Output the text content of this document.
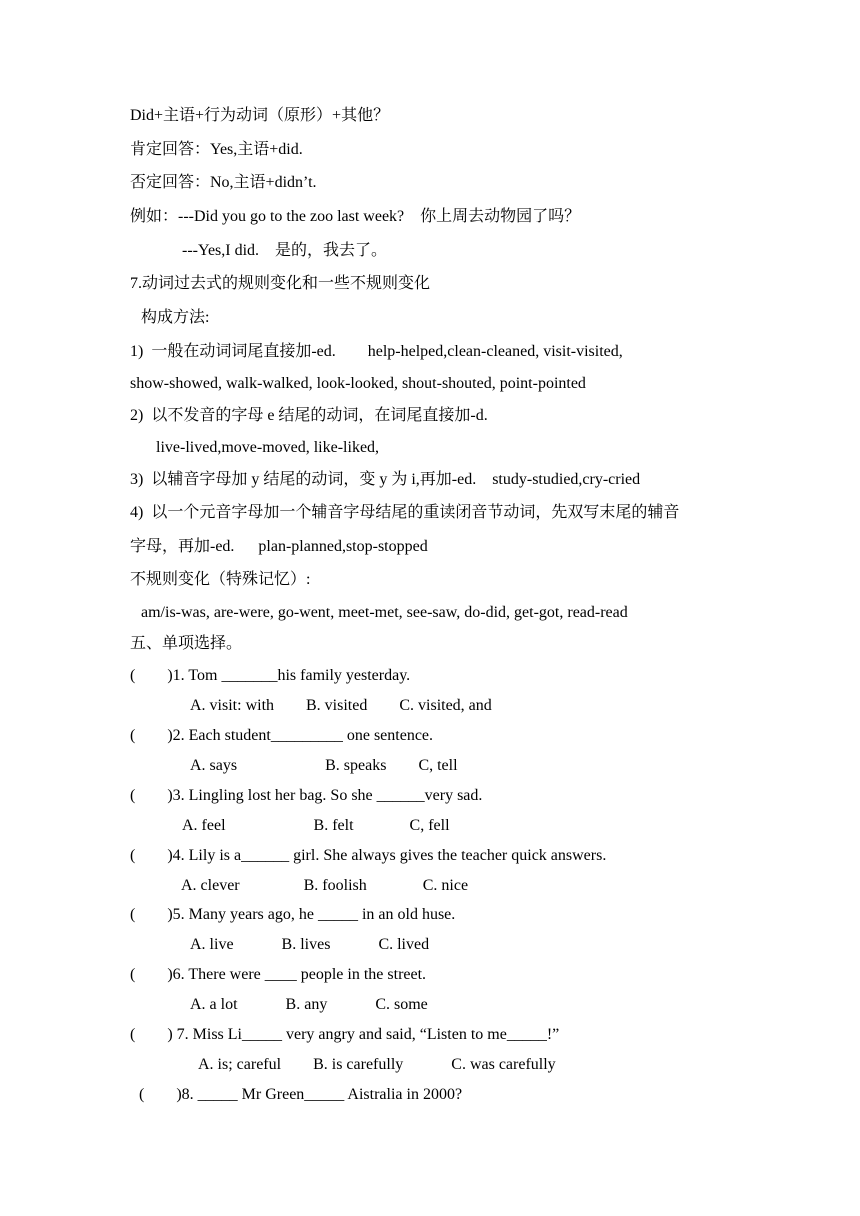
Did+主语+行为动词（原形）+其他？
肯定回答：Yes,主语+did.
否定回答：No,主语+didn’t.
例如：---Did you go to the zoo last week?    你上周去动物园了吗？
---Yes,I did.    是的，我去了。
7.动词过去式的规则变化和一些不规则变化
构成方法:
1)  一般在动词词尾直接加-ed.        help-helped,clean-cleaned, visit-visited,
show-showed, walk-walked, look-looked, shout-shouted, point-pointed
2)  以不发音的字母 e 结尾的动词，在词尾直接加-d.
live-lived,move-moved, like-liked,
3)  以辅音字母加 y 结尾的动词，变 y 为 i,再加-ed.    study-studied,cry-cried
4)  以一个元音字母加一个辅音字母结尾的重读闭音节动词，先双写末尾的辅音
字母，再加-ed.      plan-planned,stop-stopped
不规则变化（特殊记忆）:
am/is-was, are-were, go-went, meet-met, see-saw, do-did, get-got, read-read
五、单项选择。
(        )1. Tom _______his family yesterday.
A. visit: with        B. visited        C. visited, and
(        )2. Each student_________ one sentence.
A. says                      B. speaks        C, tell
(        )3. Lingling lost her bag. So she ______very sad.
A. feel                      B. felt              C, fell
(        )4. Lily is a______ girl. She always gives the teacher quick answers.
A. clever                B. foolish              C. nice
(        )5. Many years ago, he _____ in an old huse.
A. live            B. lives            C. lived
(        )6. There were ____ people in the street.
A. a lot            B. any            C. some
(        ) 7. Miss Li_____ very angry and said, “Listen to me_____!”
A. is; careful        B. is carefully            C. was carefully
(        )8. _____ Mr Green_____ Aistralia in 2000?
